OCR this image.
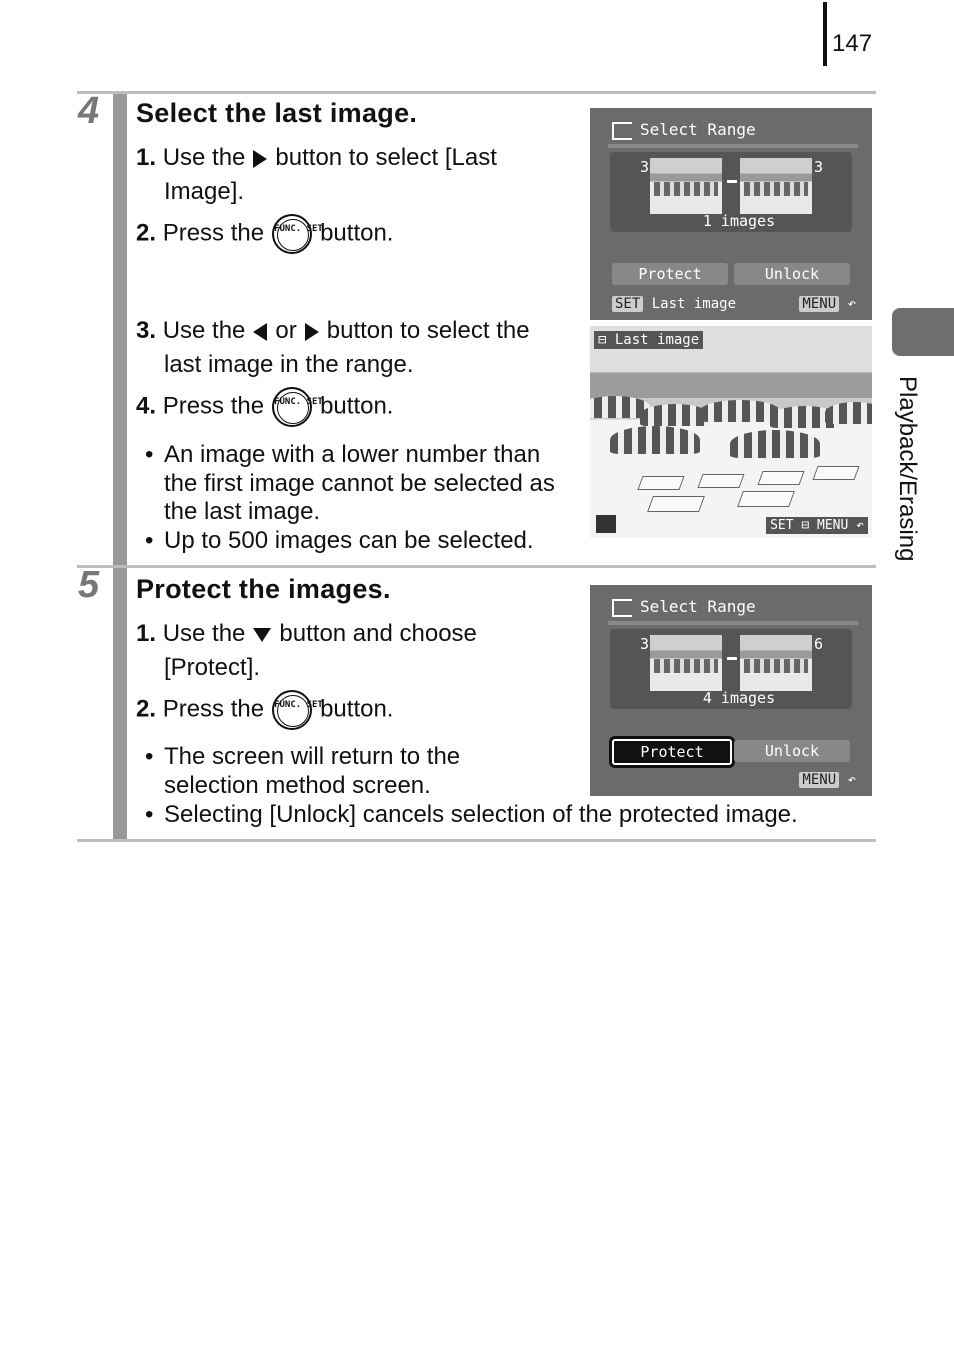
147
Playback/Erasing
4 Select the last image.
1. Use the button to select [Last
Image].
2. Press the FUNC. SET
button.
3. Use the or button to select the
last image in the range.
4. Press the FUNC. SET
button.
• An image with a lower number than
the first image cannot be selected as
the last image.
• Up to 500 images can be selected.
Select Range
3	3
1 images
Protect	Unlock
SET Last image	MENU ↶
⊟ Last image
SET ⊟ MENU ↶
5 Protect the images.
1. Use the button and choose
[Protect].
2. Press the FUNC. SET
button.
• The screen will return to the
selection method screen.
• Selecting [Unlock] cancels selection of the protected image.
Select Range
3	6
4 images
Protect	Unlock
MENU ↶
